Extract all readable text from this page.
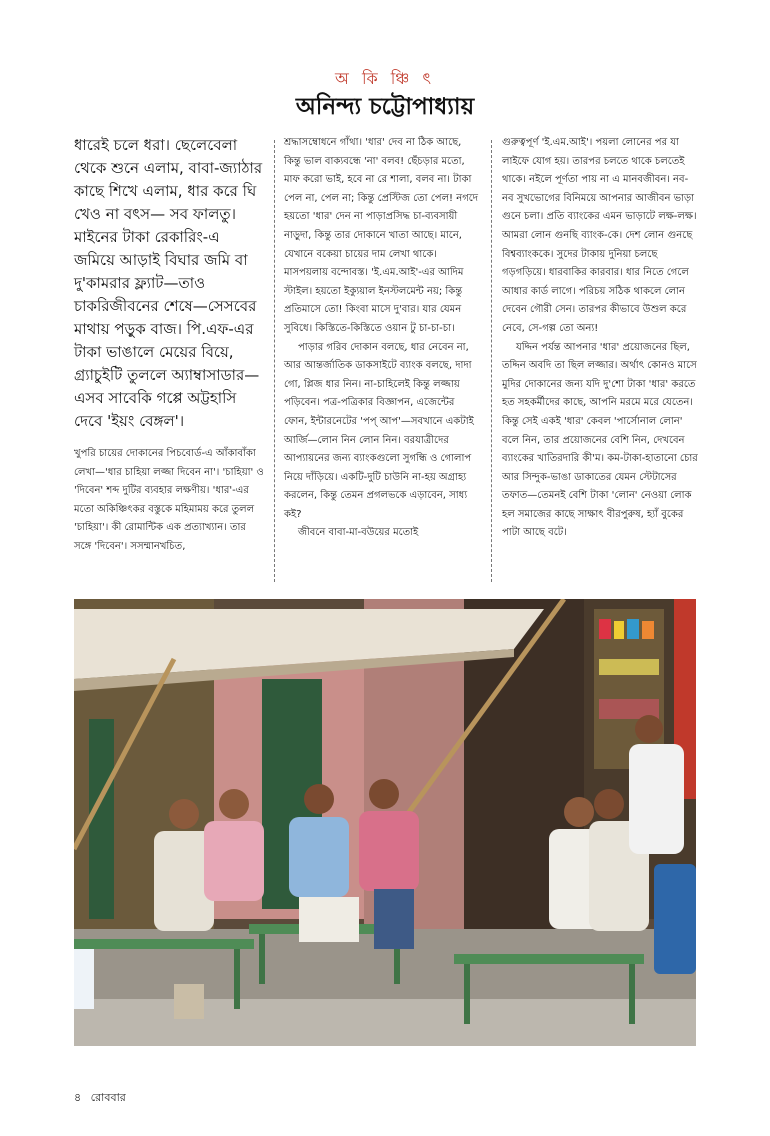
অ কি ঞ্চি ৎ
অনিন্দ্য চট্টোপাধ্যায়

ধারেই চলে ধরা। ছেলেবেলা থেকে শুনে এলাম, বাবা-জ্যাঠার কাছে শিখে এলাম, ধার করে ঘি খেও না বৎস— সব ফালতু। মাইনের টাকা রেকারিং-এ জমিয়ে আড়াই বিঘার জমি বা দু'কামরার ফ্ল্যাট—তাও চাকরিজীবনের শেষে—সেসবের মাথায় পড়ুক বাজ। পি.এফ-এর টাকা ভাঙালে মেয়ের বিয়ে, গ্র্যাচুইটি তুললে অ্যাম্বাসাডার—এসব সাবেকি গপ্পে অট্টহাসি দেবে 'ইয়ং বেঙ্গল'।

খুপরি চায়ের দোকানের পিচবোর্ড-এ আঁকাবাঁকা লেখা—'ধার চাহিয়া লজ্জা দিবেন না'। 'চাহিয়া' ও 'দিবেন' শব্দ দুটির ব্যবহার লক্ষণীয়। 'ধার'-এর মতো অকিঞ্চিৎকর বস্তুকে মহিমাময় করে তুলল 'চাহিয়া'। কী রোমান্টিক এক প্রত্যাখ্যান। তার সঙ্গে 'দিবেন'। সসম্মানখচিত,

শ্রদ্ধাসম্বোধনে গাঁথা। 'ধার' দেব না ঠিক আছে, কিন্তু ভাল বাক্যবন্ধে 'না' বলব! ছেঁচড়ার মতো, মাফ করো ভাই, হবে না রে শালা, বলব না। টাকা পেল না, পেল না; কিন্তু প্রেস্টিজ তো পেল! নগদে হয়তো 'ধার' দেন না পাড়াপ্রসিদ্ধ চা-ব্যবসায়ী নাড়ুদা, কিন্তু তার দোকানে খাতা আছে। মানে, যেখানে বকেয়া চায়ের দাম লেখা থাকে। মাসপয়লায় বন্দোবস্ত। 'ই.এম.আই'-এর আদিম স্টাইল। হয়তো ইক্যুয়াল ইনস্টলমেন্ট নয়; কিন্তু প্রতিমাসে তো! কিংবা মাসে দু'বার। যার যেমন সুবিধে। কিস্তিতে-কিস্তিতে ওয়ান টু চা-চা-চা।

পাড়ার গরিব দোকান বলছে, ধার নেবেন না, আর আন্তর্জাতিক ডাকসাইটে ব্যাংক বলছে, দাদা গো, প্লিজ ধার নিন। না-চাহিলেই কিন্তু লজ্জায় পড়িবেন। পত্র-পত্রিকার বিজ্ঞাপন, এজেন্টের ফোন, ইন্টারনেটের 'পপ্‌ আপ'—সবখানে একটাই আর্জি—লোন নিন লোন নিন। বরযাত্রীদের আপ্যায়নের জন্য ব্যাংকগুলো সুগন্ধি ও গোলাপ নিয়ে দাঁড়িয়ে। একটি-দুটি চাউনি না-হয় অগ্রাহ্য করলেন, কিন্তু তেমন প্রগলভকে এড়াবেন, সাধ্য কই?

জীবনে বাবা-মা-বউয়ের মতোই

গুরুত্বপূর্ণ 'ই.এম.আই'। পয়লা লোনের পর যা লাইফে যোগ হয়। তারপর চলতে থাকে চলতেই থাকে। নইলে পূর্ণতা পায় না এ মানবজীবন। নব-নব সুখভোগের বিনিময়ে আপনার আজীবন ভাড়া গুনে চলা। প্রতি ব্যাংকের এমন ভাড়াটে লক্ষ-লক্ষ। আমরা লোন গুনছি ব্যাংক-কে। দেশ লোন গুনছে বিশ্বব্যাংককে। সুদের টাকায় দুনিয়া চলছে গড়গড়িয়ে। ধারবাকির কারবার। ধার নিতে গেলে আধার কার্ড লাগে। পরিচয় সঠিক থাকলে লোন দেবেন গৌরী সেন। তারপর কীভাবে উশুল করে নেবে, সে-গল্প তো অন্য!

যদ্দিন পর্যন্ত আপনার 'ধার' প্রয়োজনের ছিল, তদ্দিন অবদি তা ছিল লজ্জার। অর্থাৎ কোনও মাসে মুদির দোকানের জন্য যদি দু'শো টাকা 'ধার' করতে হত সহকর্মীদের কাছে, আপনি মরমে মরে যেতেন। কিন্তু সেই একই 'ধার' কেবল 'পার্সোনাল লোন' বলে নিন, তার প্রয়োজনের বেশি নিন, দেখবেন ব্যাংকের খাতিরদারি কী'ম। কম-টাকা-হাতানো চোর আর সিন্দুক-ভাঙা ডাকাতের যেমন স্টেটাসের তফাত—তেমনই বেশি টাকা 'লোন' নেওয়া লোক হল সমাজের কাছে সাক্ষাৎ বীরপুরুষ, হ্যাঁ বুকের পাটা আছে বটে।

৪ রোববার
